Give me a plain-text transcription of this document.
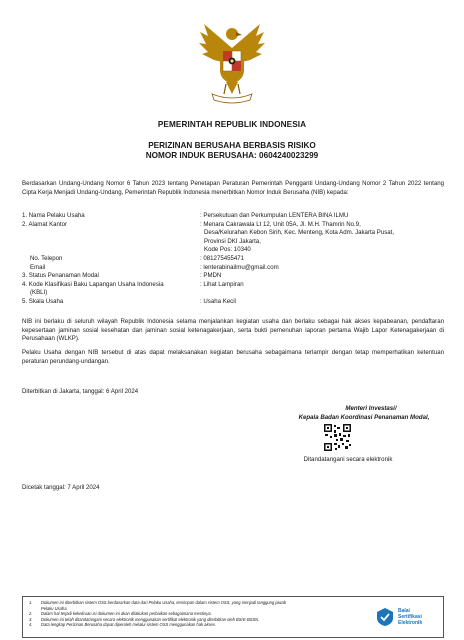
PEMERINTAH REPUBLIK INDONESIA
PERIZINAN BERUSAHA BERBASIS RISIKO
NOMOR INDUK BERUSAHA: 0604240023299
Berdasarkan Undang-Undang Nomor 6 Tahun 2023 tentang Penetapan Peraturan Pemerintah Pengganti Undang-Undang Nomor 2 Tahun 2022 tentang Cipta Kerja Menjadi Undang-Undang, Pemerintah Republik Indonesia menerbitkan Nomor Induk Berusaha (NIB) kepada:
1. Nama Pelaku Usaha	: Persekutuan dan Perkumpulan LENTERA BINA ILMU
2. Alamat Kantor	: Menara Cakrawala Lt 12, Unit 05A, Jl. M.H. Thamrin No.9,
Desa/Kelurahan Kebon Sirih, Kec. Menteng, Kota Adm. Jakarta Pusat,
Provinsi DKI Jakarta,
Kode Pos: 10340
No. Telepon	: 081275455471
Email	: lenterabinailmu@gmail.com
3. Status Penanaman Modal	: PMDN
4. Kode Klasifikasi Baku Lapangan Usaha Indonesia	: Lihat Lampiran
(KBLI)
5. Skala Usaha	: Usaha Kecil
NIB ini berlaku di seluruh wilayah Republik Indonesia selama menjalankan kegiatan usaha dan berlaku sebagai hak akses kepabeanan, pendaftaran kepesertaan jaminan sosial kesehatan dan jaminan sosial ketenagakerjaan, serta bukti pemenuhan laporan pertama Wajib Lapor Ketenagakerjaan di Perusahaan (WLKP).
Pelaku Usaha dengan NIB tersebut di atas dapat melaksanakan kegiatan berusaha sebagaimana terlampir dengan tetap memperhatikan ketentuan peraturan perundang-undangan.
Diterbitkan di Jakarta, tanggal: 6 April 2024
Menteri Investasi/
Kepala Badan Koordinasi Penanaman Modal,
Ditandatangani secara elektronik
Dicetak tanggal: 7 April 2024
1.	Dokumen ini diterbitkan sistem OSS berdasarkan data dari Pelaku Usaha, tersimpan dalam sistem OSS, yang menjadi tanggung jawab
Pelaku Usaha.
2.	Dalam hal terjadi kekeliruan isi dokumen ini akan dilakukan perbaikan sebagaimana mestinya.
3.	Dokumen ini telah ditandatangani secara elektronik menggunakan sertifikat elektronik yang diterbitkan oleh BSrE-BSSN.
4.	Data lengkap Perizinan Berusaha dapat diperoleh melalui sistem OSS menggunakan hak akses.
Balai
Sertifikasi
Elektronik
